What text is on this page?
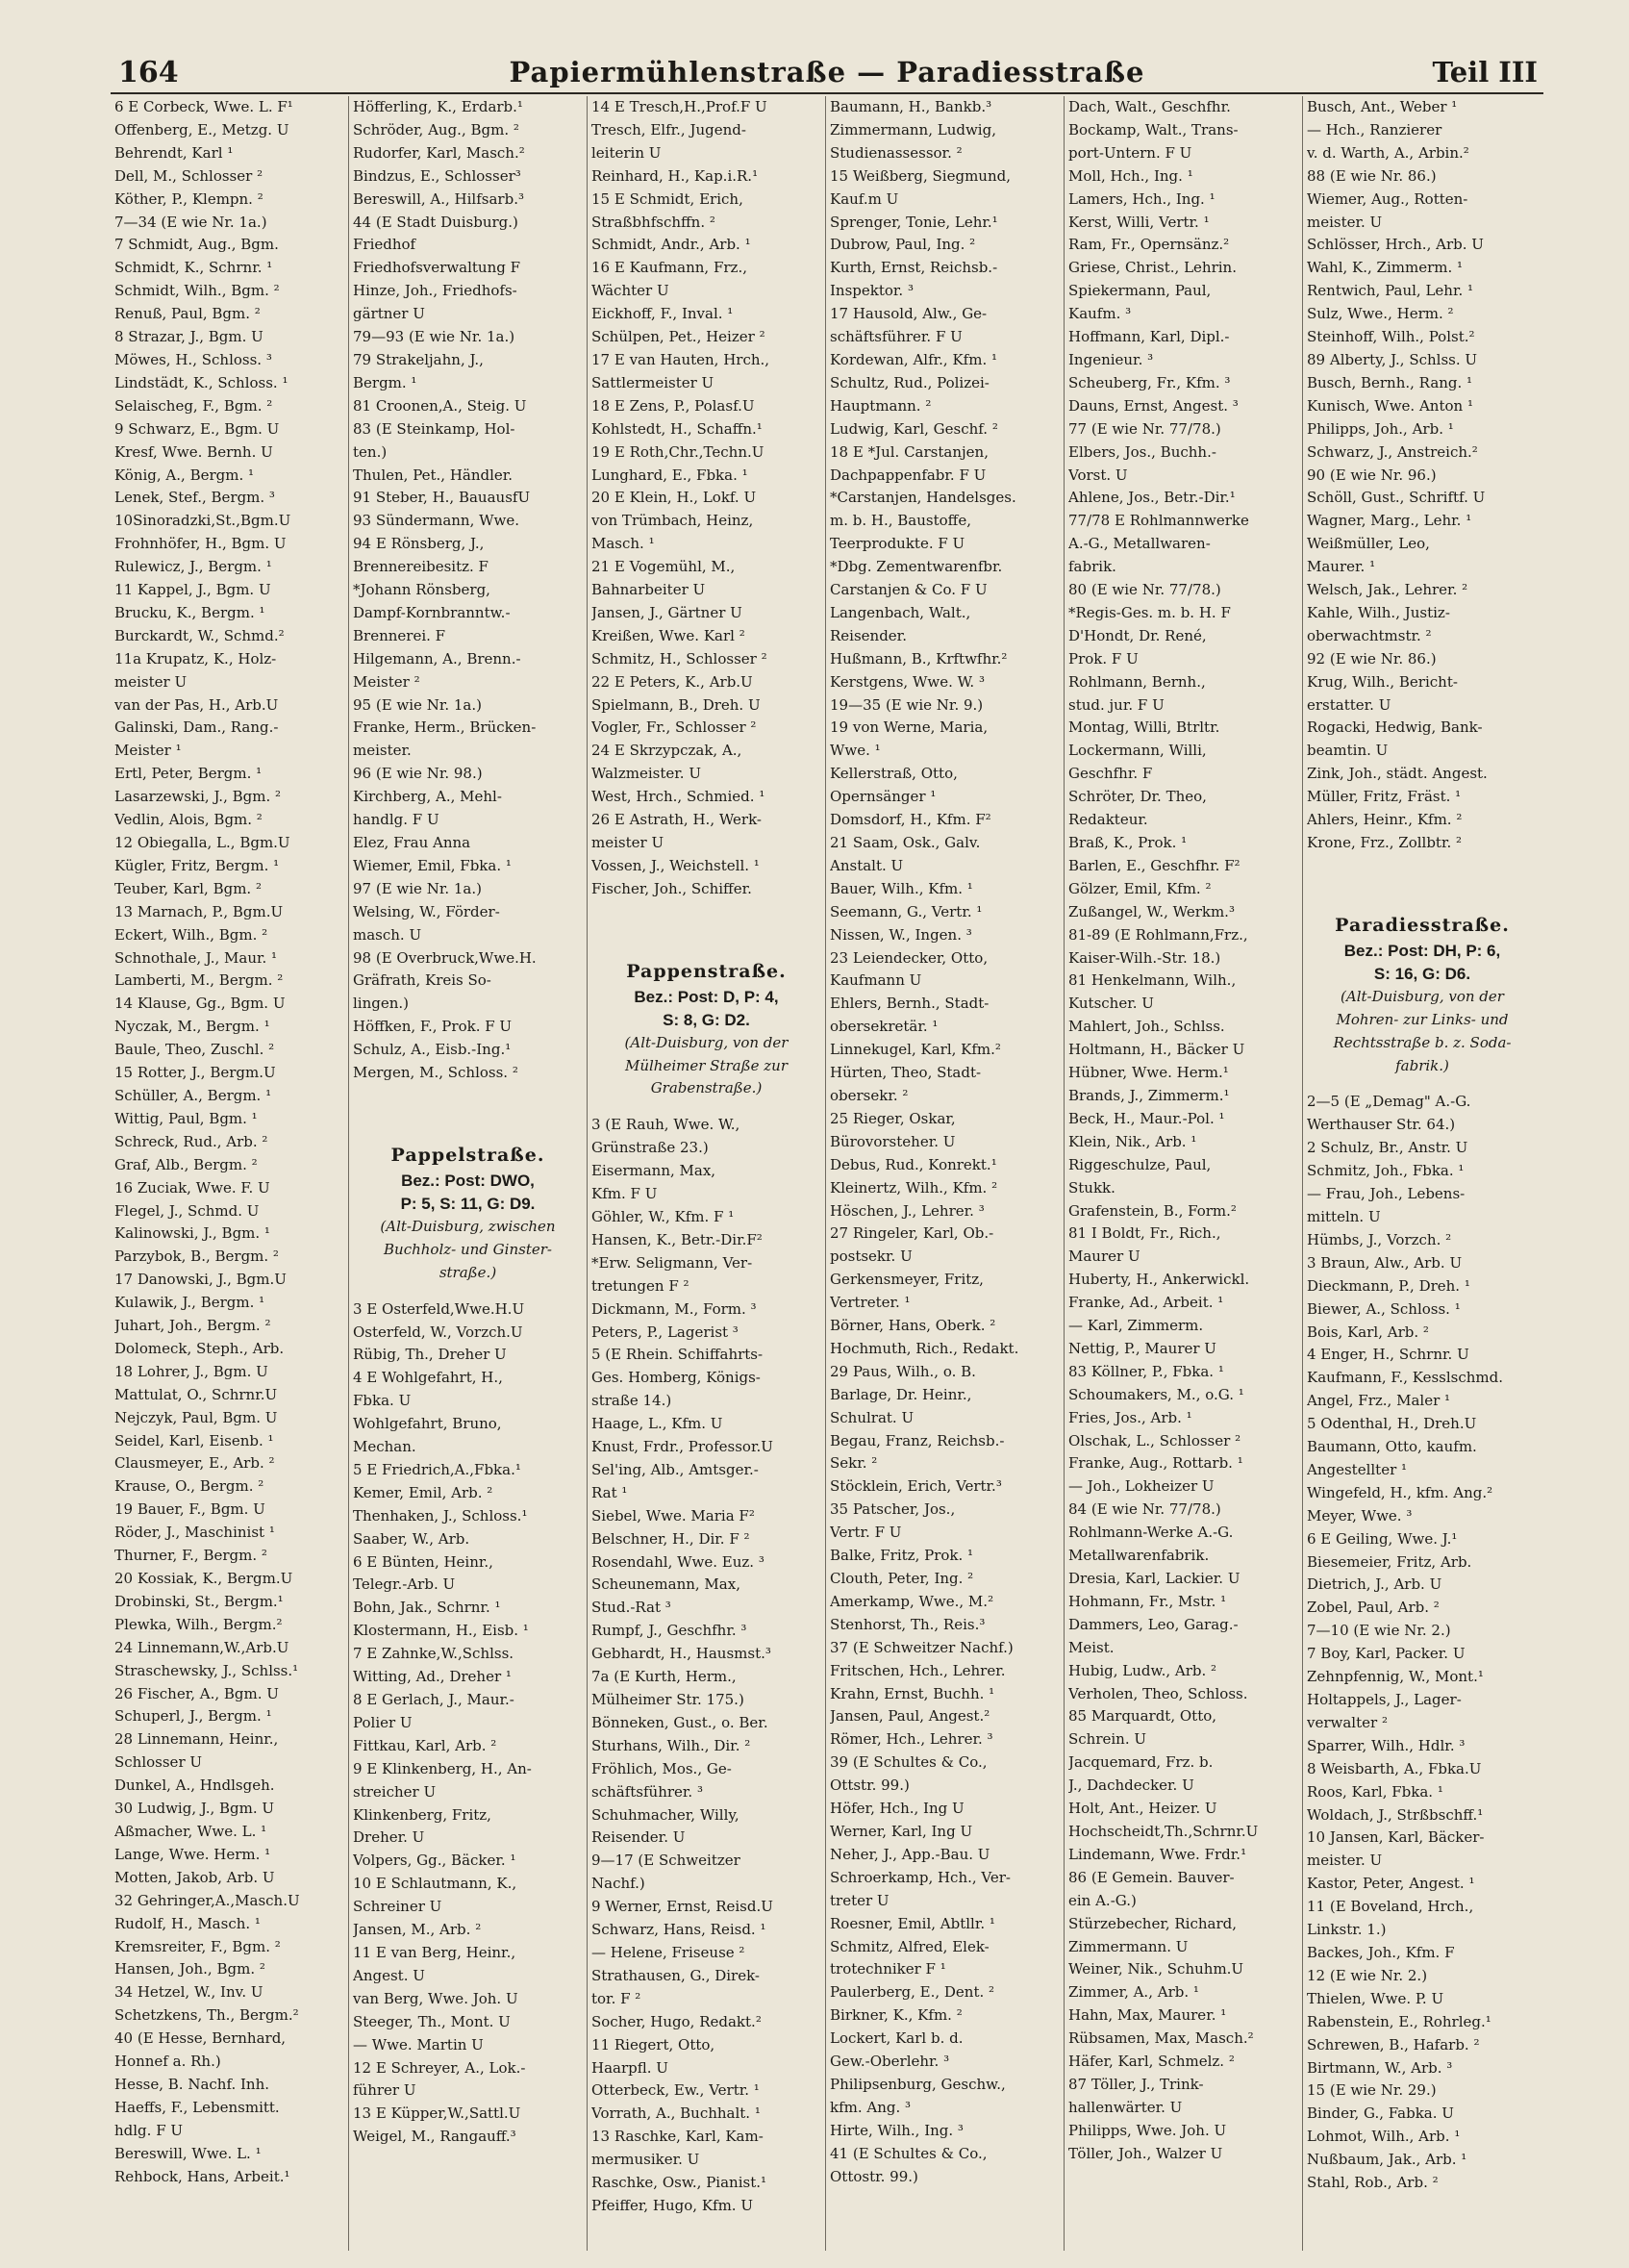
164	Papiermühlenstraße — Paradiesstraße	Teil III
6 E Corbeck, Wwe. L. F¹
Offenberg, E., Metzg. U
Behrendt, Karl ¹
Dell, M., Schlosser ²
Köther, P., Klempn. ²
7—34 (E wie Nr. 1a.)
7 Schmidt, Aug., Bgm.
Schmidt, K., Schrnr. ¹
Schmidt, Wilh., Bgm. ²
Renuß, Paul, Bgm. ²
8 Strazar, J., Bgm. U
Möwes, H., Schloss. ³
Lindstädt, K., Schloss. ¹
Selaischeg, F., Bgm. ²
9 Schwarz, E., Bgm. U
Kresf, Wwe. Bernh. U
König, A., Bergm. ¹
Lenek, Stef., Bergm. ³
10Sinoradzki,St.,Bgm.U
Frohnhöfer, H., Bgm. U
Rulewicz, J., Bergm. ¹
11 Kappel, J., Bgm. U
Brucku, K., Bergm. ¹
Burckardt, W., Schmd.²
11a Krupatz, K., Holz-
meister U
van der Pas, H., Arb.U
Galinski, Dam., Rang.-
Meister ¹
Ertl, Peter, Bergm. ¹
Lasarzewski, J., Bgm. ²
Vedlin, Alois, Bgm. ²
12 Obiegalla, L., Bgm.U
Kügler, Fritz, Bergm. ¹
Teuber, Karl, Bgm. ²
13 Marnach, P., Bgm.U
Eckert, Wilh., Bgm. ²
Schnothale, J., Maur. ¹
Lamberti, M., Bergm. ²
14 Klause, Gg., Bgm. U
Nyczak, M., Bergm. ¹
Baule, Theo, Zuschl. ²
15 Rotter, J., Bergm.U
Schüller, A., Bergm. ¹
Wittig, Paul, Bgm. ¹
Schreck, Rud., Arb. ²
Graf, Alb., Bergm. ²
16 Zuciak, Wwe. F. U
Flegel, J., Schmd. U
Kalinowski, J., Bgm. ¹
Parzybok, B., Bergm. ²
17 Danowski, J., Bgm.U
Kulawik, J., Bergm. ¹
Juhart, Joh., Bergm. ²
Dolomeck, Steph., Arb.
18 Lohrer, J., Bgm. U
Mattulat, O., Schrnr.U
Nejczyk, Paul, Bgm. U
Seidel, Karl, Eisenb. ¹
Clausmeyer, E., Arb. ²
Krause, O., Bergm. ²
19 Bauer, F., Bgm. U
Röder, J., Maschinist ¹
Thurner, F., Bergm. ²
20 Kossiak, K., Bergm.U
Drobinski, St., Bergm.¹
Plewka, Wilh., Bergm.²
24 Linnemann,W.,Arb.U
Straschewsky, J., Schlss.¹
26 Fischer, A., Bgm. U
Schuperl, J., Bergm. ¹
28 Linnemann, Heinr.,
Schlosser U
Dunkel, A., Hndlsgeh.
30 Ludwig, J., Bgm. U
Aßmacher, Wwe. L. ¹
Lange, Wwe. Herm. ¹
Motten, Jakob, Arb. U
32 Gehringer,A.,Masch.U
Rudolf, H., Masch. ¹
Kremsreiter, F., Bgm. ²
Hansen, Joh., Bgm. ²
34 Hetzel, W., Inv. U
Schetzkens, Th., Bergm.²
40 (E Hesse, Bernhard,
Honnef a. Rh.)
Hesse, B. Nachf. Inh.
Haeffs, F., Lebensmitt.
hdlg. F U
Bereswill, Wwe. L. ¹
Rehbock, Hans, Arbeit.¹
Höfferling, K., Erdarb.¹
Schröder, Aug., Bgm. ²
Rudorfer, Karl, Masch.²
Bindzus, E., Schlosser³
Bereswill, A., Hilfsarb.³
44 (E Stadt Duisburg.)
Friedhof
Friedhofsverwaltung F
Hinze, Joh., Friedhofs-
gärtner U
79—93 (E wie Nr. 1a.)
79 Strakeljahn, J.,
Bergm. ¹
81 Croonen,A., Steig. U
83 (E Steinkamp, Hol-
ten.)
Thulen, Pet., Händler.
91 Steber, H., BauausfU
93 Sündermann, Wwe.
94 E Rönsberg, J.,
Brennereibesitz. F
*Johann Rönsberg,
Dampf-Kornbranntw.-
Brennerei. F
Hilgemann, A., Brenn.-
Meister ²
95 (E wie Nr. 1a.)
Franke, Herm., Brücken-
meister.
96 (E wie Nr. 98.)
Kirchberg, A., Mehl-
handlg. F U
Elez, Frau Anna
Wiemer, Emil, Fbka. ¹
97 (E wie Nr. 1a.)
Welsing, W., Förder-
masch. U
98 (E Overbruck,Wwe.H.
Gräfrath, Kreis So-
lingen.)
Höffken, F., Prok. F U
Schulz, A., Eisb.-Ing.¹
Mergen, M., Schloss. ²
Pappelstraße.
Bez.: Post: DWO,
P: 5, S: 11, G: D9.
(Alt-Duisburg, zwischen
Buchholz- und Ginster-
straße.)
3 E Osterfeld,Wwe.H.U
Osterfeld, W., Vorzch.U
Rübig, Th., Dreher U
4 E Wohlgefahrt, H.,
Fbka. U
Wohlgefahrt, Bruno,
Mechan.
5 E Friedrich,A.,Fbka.¹
Kemer, Emil, Arb. ²
Thenhaken, J., Schloss.¹
Saaber, W., Arb.
6 E Bünten, Heinr.,
Telegr.-Arb. U
Bohn, Jak., Schrnr. ¹
Klostermann, H., Eisb. ¹
7 E Zahnke,W.,Schlss.
Witting, Ad., Dreher ¹
8 E Gerlach, J., Maur.-
Polier U
Fittkau, Karl, Arb. ²
9 E Klinkenberg, H., An-
streicher U
Klinkenberg, Fritz,
Dreher. U
Volpers, Gg., Bäcker. ¹
10 E Schlautmann, K.,
Schreiner U
Jansen, M., Arb. ²
11 E van Berg, Heinr.,
Angest. U
van Berg, Wwe. Joh. U
Steeger, Th., Mont. U
— Wwe. Martin U
12 E Schreyer, A., Lok.-
führer U
13 E Küpper,W.,Sattl.U
Weigel, M., Rangauff.³
14 E Tresch,H.,Prof.F U
Tresch, Elfr., Jugend-
leiterin U
Reinhard, H., Kap.i.R.¹
15 E Schmidt, Erich,
Straßbhfschffn. ²
Schmidt, Andr., Arb. ¹
16 E Kaufmann, Frz.,
Wächter U
Eickhoff, F., Inval. ¹
Schülpen, Pet., Heizer ²
17 E van Hauten, Hrch.,
Sattlermeister U
18 E Zens, P., Polasf.U
Kohlstedt, H., Schaffn.¹
19 E Roth,Chr.,Techn.U
Lunghard, E., Fbka. ¹
20 E Klein, H., Lokf. U
von Trümbach, Heinz,
Masch. ¹
21 E Vogemühl, M.,
Bahnarbeiter U
Jansen, J., Gärtner U
Kreißen, Wwe. Karl ²
Schmitz, H., Schlosser ²
22 E Peters, K., Arb.U
Spielmann, B., Dreh. U
Vogler, Fr., Schlosser ²
24 E Skrzypczak, A.,
Walzmeister. U
West, Hrch., Schmied. ¹
26 E Astrath, H., Werk-
meister U
Vossen, J., Weichstell. ¹
Fischer, Joh., Schiffer.
Pappenstraße.
Bez.: Post: D, P: 4,
S: 8, G: D2.
(Alt-Duisburg, von der
Mülheimer Straße zur
Grabenstraße.)
3 (E Rauh, Wwe. W.,
Grünstraße 23.)
Eisermann, Max,
Kfm. F U
Göhler, W., Kfm. F ¹
Hansen, K., Betr.-Dir.F²
*Erw. Seligmann, Ver-
tretungen F ²
Dickmann, M., Form. ³
Peters, P., Lagerist ³
5 (E Rhein. Schiffahrts-
Ges. Homberg, Königs-
straße 14.)
Haage, L., Kfm. U
Knust, Frdr., Professor.U
Sel'ing, Alb., Amtsger.-
Rat ¹
Siebel, Wwe. Maria F²
Belschner, H., Dir. F ²
Rosendahl, Wwe. Euz. ³
Scheunemann, Max,
Stud.-Rat ³
Rumpf, J., Geschfhr. ³
Gebhardt, H., Hausmst.³
7a (E Kurth, Herm.,
Mülheimer Str. 175.)
Bönneken, Gust., o. Ber.
Sturhans, Wilh., Dir. ²
Fröhlich, Mos., Ge-
schäftsführer. ³
Schuhmacher, Willy,
Reisender. U
9—17 (E Schweitzer
Nachf.)
9 Werner, Ernst, Reisd.U
Schwarz, Hans, Reisd. ¹
— Helene, Friseuse ²
Strathausen, G., Direk-
tor. F ²
Socher, Hugo, Redakt.²
11 Riegert, Otto,
Haarpfl. U
Otterbeck, Ew., Vertr. ¹
Vorrath, A., Buchhalt. ¹
13 Raschke, Karl, Kam-
mermusiker. U
Raschke, Osw., Pianist.¹
Pfeiffer, Hugo, Kfm. U
Baumann, H., Bankb.³
Zimmermann, Ludwig,
Studienassessor. ²
15 Weißberg, Siegmund,
Kauf.m U
Sprenger, Tonie, Lehr.¹
Dubrow, Paul, Ing. ²
Kurth, Ernst, Reichsb.-
Inspektor. ³
17 Hausold, Alw., Ge-
schäftsführer. F U
Kordewan, Alfr., Kfm. ¹
Schultz, Rud., Polizei-
Hauptmann. ²
Ludwig, Karl, Geschf. ²
18 E *Jul. Carstanjen,
Dachpappenfabr. F U
*Carstanjen, Handelsges.
m. b. H., Baustoffe,
Teerprodukte. F U
*Dbg. Zementwarenfbr.
Carstanjen & Co. F U
Langenbach, Walt.,
Reisender.
Hußmann, B., Krftwfhr.²
Kerstgens, Wwe. W. ³
19—35 (E wie Nr. 9.)
19 von Werne, Maria,
Wwe. ¹
Kellerstraß, Otto,
Opernsänger ¹
Domsdorf, H., Kfm. F²
21 Saam, Osk., Galv.
Anstalt. U
Bauer, Wilh., Kfm. ¹
Seemann, G., Vertr. ¹
Nissen, W., Ingen. ³
23 Leiendecker, Otto,
Kaufmann U
Ehlers, Bernh., Stadt-
obersekretär. ¹
Linnekugel, Karl, Kfm.²
Hürten, Theo, Stadt-
obersekr. ²
25 Rieger, Oskar,
Bürovorsteher. U
Debus, Rud., Konrekt.¹
Kleinertz, Wilh., Kfm. ²
Höschen, J., Lehrer. ³
27 Ringeler, Karl, Ob.-
postsekr. U
Gerkensmeyer, Fritz,
Vertreter. ¹
Börner, Hans, Oberk. ²
Hochmuth, Rich., Redakt.
29 Paus, Wilh., o. B.
Barlage, Dr. Heinr.,
Schulrat. U
Begau, Franz, Reichsb.-
Sekr. ²
Stöcklein, Erich, Vertr.³
35 Patscher, Jos.,
Vertr. F U
Balke, Fritz, Prok. ¹
Clouth, Peter, Ing. ²
Amerkamp, Wwe., M.²
Stenhorst, Th., Reis.³
37 (E Schweitzer Nachf.)
Fritschen, Hch., Lehrer.
Krahn, Ernst, Buchh. ¹
Jansen, Paul, Angest.²
Römer, Hch., Lehrer. ³
39 (E Schultes & Co.,
Ottstr. 99.)
Höfer, Hch., Ing U
Werner, Karl, Ing U
Neher, J., App.-Bau. U
Schroerkamp, Hch., Ver-
treter U
Roesner, Emil, Abtllr. ¹
Schmitz, Alfred, Elek-
trotechniker F ¹
Paulerberg, E., Dent. ²
Birkner, K., Kfm. ²
Lockert, Karl b. d.
Gew.-Oberlehr. ³
Philipsenburg, Geschw.,
kfm. Ang. ³
Hirte, Wilh., Ing. ³
41 (E Schultes & Co.,
Ottostr. 99.)
Dach, Walt., Geschfhr.
Bockamp, Walt., Trans-
port-Untern. F U
Moll, Hch., Ing. ¹
Lamers, Hch., Ing. ¹
Kerst, Willi, Vertr. ¹
Ram, Fr., Opernsänz.²
Griese, Christ., Lehrin.
Spiekermann, Paul,
Kaufm. ³
Hoffmann, Karl, Dipl.-
Ingenieur. ³
Scheuberg, Fr., Kfm. ³
Dauns, Ernst, Angest. ³
77 (E wie Nr. 77/78.)
Elbers, Jos., Buchh.-
Vorst. U
Ahlene, Jos., Betr.-Dir.¹
77/78 E Rohlmannwerke
A.-G., Metallwaren-
fabrik.
80 (E wie Nr. 77/78.)
*Regis-Ges. m. b. H. F
D'Hondt, Dr. René,
Prok. F U
Rohlmann, Bernh.,
stud. jur. F U
Montag, Willi, Btrltr.
Lockermann, Willi,
Geschfhr. F
Schröter, Dr. Theo,
Redakteur.
Braß, K., Prok. ¹
Barlen, E., Geschfhr. F²
Gölzer, Emil, Kfm. ²
Zußangel, W., Werkm.³
81-89 (E Rohlmann,Frz.,
Kaiser-Wilh.-Str. 18.)
81 Henkelmann, Wilh.,
Kutscher. U
Mahlert, Joh., Schlss.
Holtmann, H., Bäcker U
Hübner, Wwe. Herm.¹
Brands, J., Zimmerm.¹
Beck, H., Maur.-Pol. ¹
Klein, Nik., Arb. ¹
Riggeschulze, Paul,
Stukk.
Grafenstein, B., Form.²
81 I Boldt, Fr., Rich.,
Maurer U
Huberty, H., Ankerwickl.
Franke, Ad., Arbeit. ¹
— Karl, Zimmerm.
Nettig, P., Maurer U
83 Köllner, P., Fbka. ¹
Schoumakers, M., o.G. ¹
Fries, Jos., Arb. ¹
Olschak, L., Schlosser ²
Franke, Aug., Rottarb. ¹
— Joh., Lokheizer U
84 (E wie Nr. 77/78.)
Rohlmann-Werke A.-G.
Metallwarenfabrik.
Dresia, Karl, Lackier. U
Hohmann, Fr., Mstr. ¹
Dammers, Leo, Garag.-
Meist.
Hubig, Ludw., Arb. ²
Verholen, Theo, Schloss.
85 Marquardt, Otto,
Schrein. U
Jacquemard, Frz. b.
J., Dachdecker. U
Holt, Ant., Heizer. U
Hochscheidt,Th.,Schrnr.U
Lindemann, Wwe. Frdr.¹
86 (E Gemein. Bauver-
ein A.-G.)
Stürzebecher, Richard,
Zimmermann. U
Weiner, Nik., Schuhm.U
Zimmer, A., Arb. ¹
Hahn, Max, Maurer. ¹
Rübsamen, Max, Masch.²
Häfer, Karl, Schmelz. ²
87 Töller, J., Trink-
hallenwärter. U
Philipps, Wwe. Joh. U
Töller, Joh., Walzer U
Busch, Ant., Weber ¹
— Hch., Ranzierer
v. d. Warth, A., Arbin.²
88 (E wie Nr. 86.)
Wiemer, Aug., Rotten-
meister. U
Schlösser, Hrch., Arb. U
Wahl, K., Zimmerm. ¹
Rentwich, Paul, Lehr. ¹
Sulz, Wwe., Herm. ²
Steinhoff, Wilh., Polst.²
89 Alberty, J., Schlss. U
Busch, Bernh., Rang. ¹
Kunisch, Wwe. Anton ¹
Philipps, Joh., Arb. ¹
Schwarz, J., Anstreich.²
90 (E wie Nr. 96.)
Schöll, Gust., Schriftf. U
Wagner, Marg., Lehr. ¹
Weißmüller, Leo,
Maurer. ¹
Welsch, Jak., Lehrer. ²
Kahle, Wilh., Justiz-
oberwachtmstr. ²
92 (E wie Nr. 86.)
Krug, Wilh., Bericht-
erstatter. U
Rogacki, Hedwig, Bank-
beamtin. U
Zink, Joh., städt. Angest.
Müller, Fritz, Fräst. ¹
Ahlers, Heinr., Kfm. ²
Krone, Frz., Zollbtr. ²
Paradiesstraße.
Bez.: Post: DH, P: 6,
S: 16, G: D6.
(Alt-Duisburg, von der
Mohren- zur Links- und
Rechtsstraße b. z. Soda-
fabrik.)
2—5 (E „Demag" A.-G.
Werthauser Str. 64.)
2 Schulz, Br., Anstr. U
Schmitz, Joh., Fbka. ¹
— Frau, Joh., Lebens-
mitteln. U
Hümbs, J., Vorzch. ²
3 Braun, Alw., Arb. U
Dieckmann, P., Dreh. ¹
Biewer, A., Schloss. ¹
Bois, Karl, Arb. ²
4 Enger, H., Schrnr. U
Kaufmann, F., Kesslschmd.
Angel, Frz., Maler ¹
5 Odenthal, H., Dreh.U
Baumann, Otto, kaufm.
Angestellter ¹
Wingefeld, H., kfm. Ang.²
Meyer, Wwe. ³
6 E Geiling, Wwe. J.¹
Biesemeier, Fritz, Arb.
Dietrich, J., Arb. U
Zobel, Paul, Arb. ²
7—10 (E wie Nr. 2.)
7 Boy, Karl, Packer. U
Zehnpfennig, W., Mont.¹
Holtappels, J., Lager-
verwalter ²
Sparrer, Wilh., Hdlr. ³
8 Weisbarth, A., Fbka.U
Roos, Karl, Fbka. ¹
Woldach, J., Strßbschff.¹
10 Jansen, Karl, Bäcker-
meister. U
Kastor, Peter, Angest. ¹
11 (E Boveland, Hrch.,
Linkstr. 1.)
Backes, Joh., Kfm. F
12 (E wie Nr. 2.)
Thielen, Wwe. P. U
Rabenstein, E., Rohrleg.¹
Schrewen, B., Hafarb. ²
Birtmann, W., Arb. ³
15 (E wie Nr. 29.)
Binder, G., Fabka. U
Lohmot, Wilh., Arb. ¹
Nußbaum, Jak., Arb. ¹
Stahl, Rob., Arb. ²
